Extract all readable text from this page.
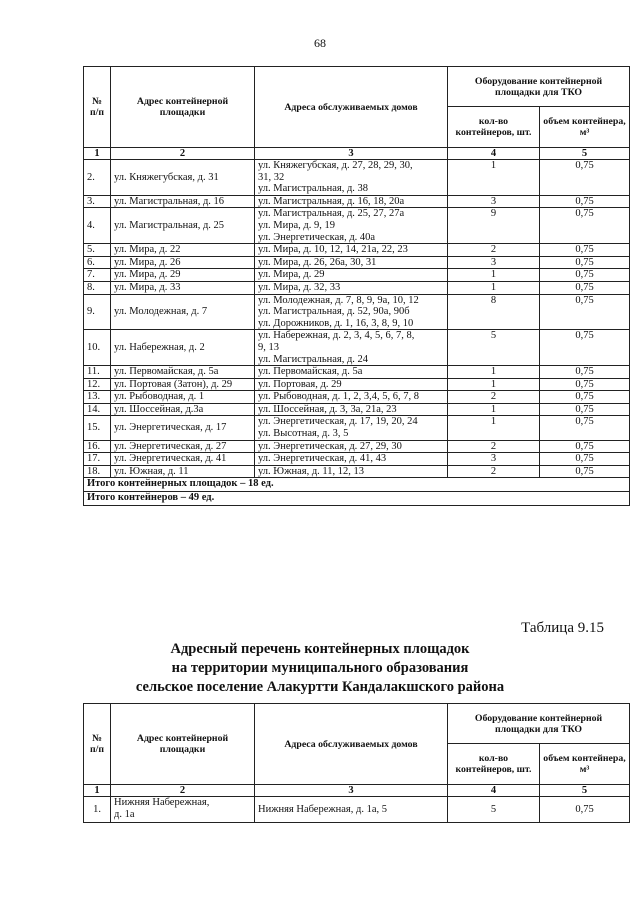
68
№ п/п	Адрес контейнерной площадки	Адреса обслуживаемых домов	Оборудование контейнерной площадки для ТКО	
			кол-во контейнеров, шт.	объем контейнера, м³
1	2	3	4	5
2.	ул. Княжегубская, д. 31	ул. Княжегубская, д. 27, 28, 29, 30,
31, 32
ул. Магистральная, д. 38	1	0,75
3.	ул. Магистральная, д. 16	ул. Магистральная, д. 16, 18, 20а	3	0,75
4.	ул. Магистральная, д. 25	ул. Магистральная, д. 25, 27, 27а
ул. Мира, д. 9, 19
ул. Энергетическая, д. 40а	9	0,75
5.	ул. Мира, д. 22	ул. Мира, д. 10, 12, 14, 21а, 22, 23	2	0,75
6.	ул. Мира, д. 26	ул. Мира, д. 26, 26а, 30, 31	3	0,75
7.	ул. Мира, д. 29	ул. Мира, д. 29	1	0,75
8.	ул. Мира, д. 33	ул. Мира, д. 32, 33	1	0,75
9.	ул. Молодежная, д. 7	ул. Молодежная, д. 7, 8, 9, 9а, 10, 12
ул. Магистральная, д. 52, 90а, 90б
ул. Дорожников, д. 1, 16, 3, 8, 9, 10	8	0,75
10.	ул. Набережная, д. 2	ул. Набережная, д. 2, 3, 4, 5, 6, 7, 8,
9, 13
ул. Магистральная, д. 24	5	0,75
11.	ул. Первомайская, д. 5а	ул. Первомайская, д. 5а	1	0,75
12.	ул. Портовая (Затон), д. 29	ул. Портовая, д. 29	1	0,75
13.	ул. Рыбоводная, д. 1	ул. Рыбоводная, д. 1, 2, 3,4, 5, 6, 7, 8	2	0,75
14.	ул. Шоссейная, д.3а	ул. Шоссейная, д. 3, 3а, 21а, 23	1	0,75
15.	ул. Энергетическая, д. 17	ул. Энергетическая, д. 17, 19, 20, 24
ул. Высотная, д. 3, 5	1	0,75
16.	ул. Энергетическая, д. 27	ул. Энергетическая, д. 27, 29, 30	2	0,75
17.	ул. Энергетическая, д. 41	ул. Энергетическая, д. 41, 43	3	0,75
18.	ул. Южная, д. 11	ул. Южная, д. 11, 12, 13	2	0,75
Итого контейнерных площадок – 18 ед.				
Итого контейнеров – 49 ед.				
Таблица 9.15
Адресный перечень контейнерных площадок
на территории муниципального образования
сельское поселение Алакуртти Кандалакшского района
№ п/п	Адрес контейнерной площадки	Адреса обслуживаемых домов	Оборудование контейнерной площадки для ТКО	
			кол-во контейнеров, шт.	объем контейнера, м³
1	2	3	4	5
1.	Нижняя Набережная,
д. 1а	Нижняя Набережная, д. 1а, 5	5	0,75
